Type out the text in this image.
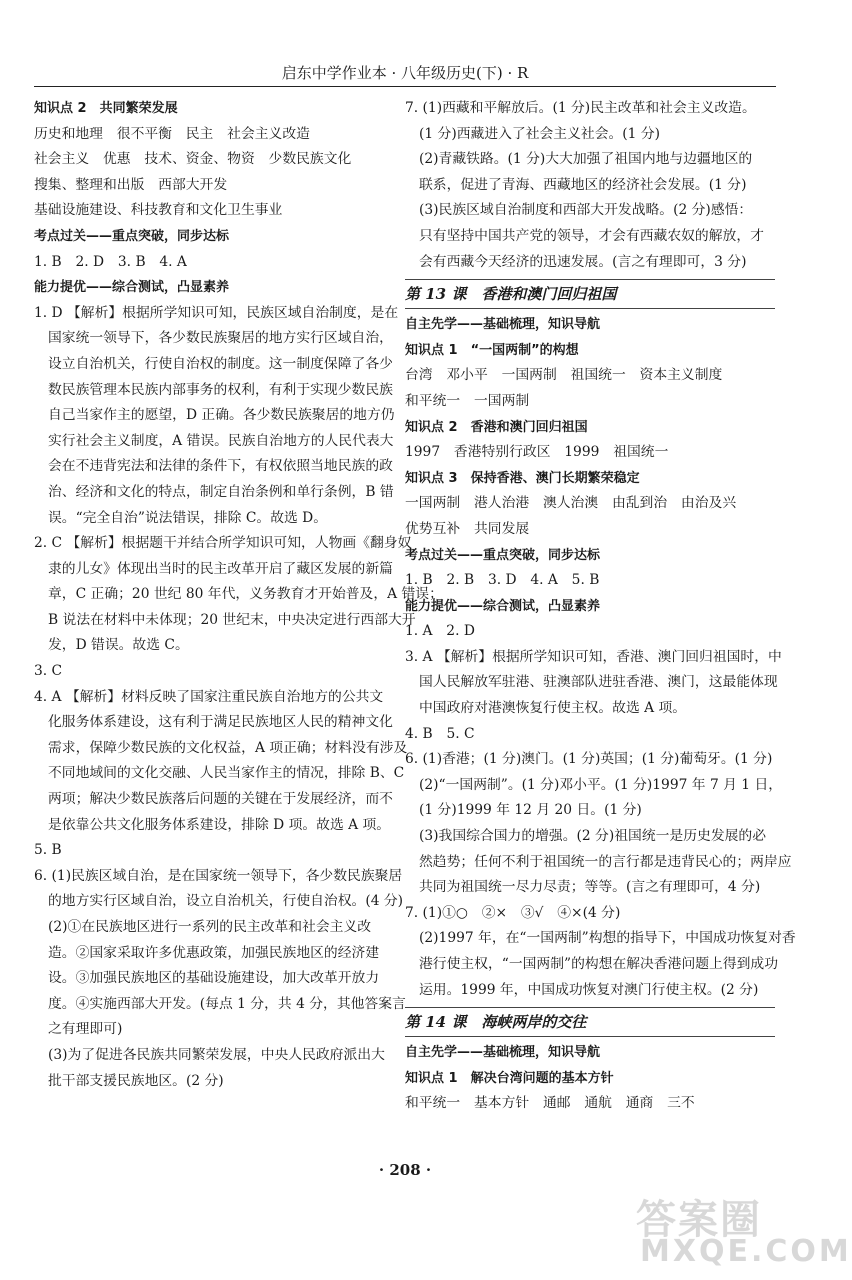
启东中学作业本 · 八年级历史(下) · R
知识点 2　共同繁荣发展
历史和地理　很不平衡　民主　社会主义改造
社会主义　优惠　技术、资金、物资　少数民族文化
搜集、整理和出版　西部大开发
基础设施建设、科技教育和文化卫生事业
考点过关——重点突破，同步达标
1. B　2. D　3. B　4. A
能力提优——综合测试，凸显素养
1. D 【解析】根据所学知识可知，民族区域自治制度，是在
国家统一领导下，各少数民族聚居的地方实行区域自治，
设立自治机关，行使自治权的制度。这一制度保障了各少
数民族管理本民族内部事务的权利，有利于实现少数民族
自己当家作主的愿望，D 正确。各少数民族聚居的地方仍
实行社会主义制度，A 错误。民族自治地方的人民代表大
会在不违背宪法和法律的条件下，有权依照当地民族的政
治、经济和文化的特点，制定自治条例和单行条例，B 错
误。“完全自治”说法错误，排除 C。故选 D。
2. C 【解析】根据题干并结合所学知识可知，人物画《翻身奴
隶的儿女》体现出当时的民主改革开启了藏区发展的新篇
章，C 正确；20 世纪 80 年代，义务教育才开始普及，A 错误；
B 说法在材料中未体现；20 世纪末，中央决定进行西部大开
发，D 错误。故选 C。
3. C
4. A 【解析】材料反映了国家注重民族自治地方的公共文
化服务体系建设，这有利于满足民族地区人民的精神文化
需求，保障少数民族的文化权益，A 项正确；材料没有涉及
不同地域间的文化交融、人民当家作主的情况，排除 B、C
两项；解决少数民族落后问题的关键在于发展经济，而不
是依靠公共文化服务体系建设，排除 D 项。故选 A 项。
5. B
6. (1)民族区域自治，是在国家统一领导下，各少数民族聚居
的地方实行区域自治，设立自治机关，行使自治权。(4 分)
(2)①在民族地区进行一系列的民主改革和社会主义改
造。②国家采取许多优惠政策，加强民族地区的经济建
设。③加强民族地区的基础设施建设，加大改革开放力
度。④实施西部大开发。(每点 1 分，共 4 分，其他答案言
之有理即可)
(3)为了促进各民族共同繁荣发展，中央人民政府派出大
批干部支援民族地区。(2 分)
7. (1)西藏和平解放后。(1 分)民主改革和社会主义改造。
(1 分)西藏进入了社会主义社会。(1 分)
(2)青藏铁路。(1 分)大大加强了祖国内地与边疆地区的
联系，促进了青海、西藏地区的经济社会发展。(1 分)
(3)民族区域自治制度和西部大开发战略。(2 分)感悟：
只有坚持中国共产党的领导，才会有西藏农奴的解放，才
会有西藏今天经济的迅速发展。(言之有理即可，3 分)
第 13 课　香港和澳门回归祖国
自主先学——基础梳理，知识导航
知识点 1　“一国两制”的构想
台湾　邓小平　一国两制　祖国统一　资本主义制度
和平统一　一国两制
知识点 2　香港和澳门回归祖国
1997　香港特别行政区　1999　祖国统一
知识点 3　保持香港、澳门长期繁荣稳定
一国两制　港人治港　澳人治澳　由乱到治　由治及兴
优势互补　共同发展
考点过关——重点突破，同步达标
1. B　2. B　3. D　4. A　5. B
能力提优——综合测试，凸显素养
1. A　2. D
3. A 【解析】根据所学知识可知，香港、澳门回归祖国时，中
国人民解放军驻港、驻澳部队进驻香港、澳门，这最能体现
中国政府对港澳恢复行使主权。故选 A 项。
4. B　5. C
6. (1)香港；(1 分)澳门。(1 分)英国；(1 分)葡萄牙。(1 分)
(2)“一国两制”。(1 分)邓小平。(1 分)1997 年 7 月 1 日，
(1 分)1999 年 12 月 20 日。(1 分)
(3)我国综合国力的增强。(2 分)祖国统一是历史发展的必
然趋势；任何不利于祖国统一的言行都是违背民心的；两岸应
共同为祖国统一尽力尽责；等等。(言之有理即可，4 分)
7. (1)①○　②×　③√　④×(4 分)
(2)1997 年，在“一国两制”构想的指导下，中国成功恢复对香
港行使主权，“一国两制”的构想在解决香港问题上得到成功
运用。1999 年，中国成功恢复对澳门行使主权。(2 分)
第 14 课　海峡两岸的交往
自主先学——基础梳理，知识导航
知识点 1　解决台湾问题的基本方针
和平统一　基本方针　通邮　通航　通商　三不
· 208 ·
答案圈
MXQE.COM
